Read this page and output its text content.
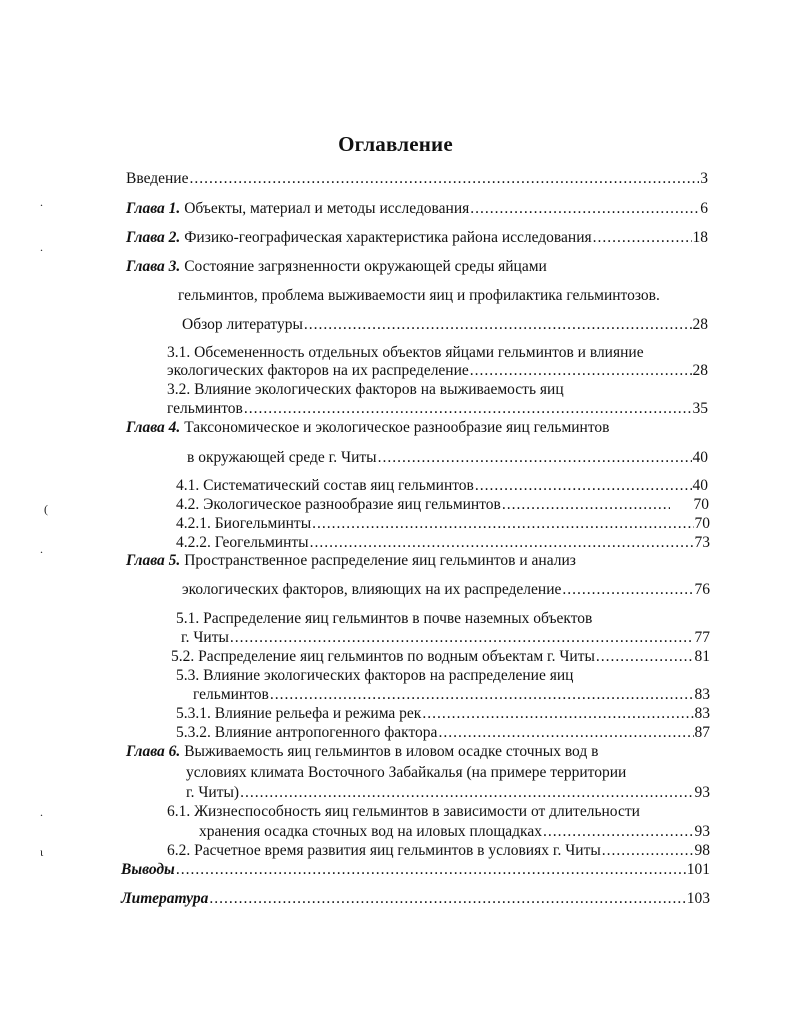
Оглавление
.
.
(
.
.
ι
Введение .....	3
Глава 1. Объекты, материал и методы исследования .....	6
Глава 2. Физико-географическая характеристика района исследования .....	18
Глава 3. Состояние загрязненности окружающей среды яйцами
гельминтов, проблема выживаемости яиц и профилактика гельминтозов.
Обзор литературы .....	28
3.1. Обсемененность отдельных объектов яйцами гельминтов и влияние
экологических факторов на их распределение .....	28
3.2. Влияние экологических факторов на выживаемость яиц
гельминтов .....	35
Глава 4. Таксономическое и экологическое разнообразие яиц гельминтов
в окружающей среде г. Читы .....	40
4.1. Систематический состав яиц гельминтов .....	40
4.2. Экологическое разнообразие яиц гельминтов .....	70
4.2.1. Биогельминты .....	70
4.2.2. Геогельминты .....	73
Глава 5. Пространственное распределение яиц гельминтов и анализ
экологических факторов, влияющих на их распределение .....	76
5.1. Распределение яиц гельминтов в почве наземных объектов
г. Читы .....	77
5.2. Распределение яиц гельминтов по водным объектам г. Читы .....	81
5.3. Влияние экологических факторов на распределение яиц
гельминтов .....	83
5.3.1. Влияние рельефа и режима рек .....	83
5.3.2. Влияние антропогенного фактора .....	87
Глава 6. Выживаемость яиц гельминтов в иловом осадке сточных вод в
условиях климата Восточного Забайкалья (на примере территории
г. Читы) .....	93
6.1. Жизнеспособность яиц гельминтов в зависимости от длительности
хранения осадка сточных вод на иловых площадках .....	93
6.2. Расчетное время развития яиц гельминтов в условиях г. Читы .....	98
Выводы .....	101
Литература .....	103
